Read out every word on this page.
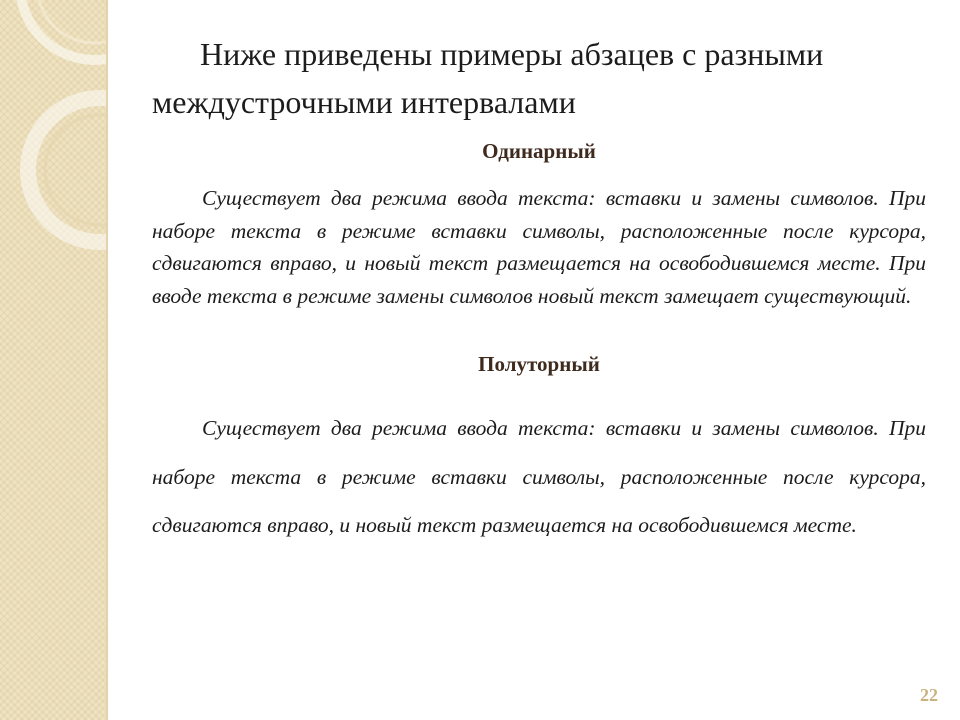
Ниже приведены примеры абзацев с разными междустрочными интервалами
Одинарный

Существует два режима ввода текста: вставки и замены символов. При наборе текста в режиме вставки символы, расположенные после курсора, сдвигаются вправо, и новый текст размещается на освободившемся месте. При вводе текста в режиме замены символов новый текст замещает существующий.

Полуторный

Существует два режима ввода текста: вставки и замены символов. При наборе текста в режиме вставки символы, расположенные после курсора, сдвигаются вправо, и новый текст размещается на освободившемся месте.

22
